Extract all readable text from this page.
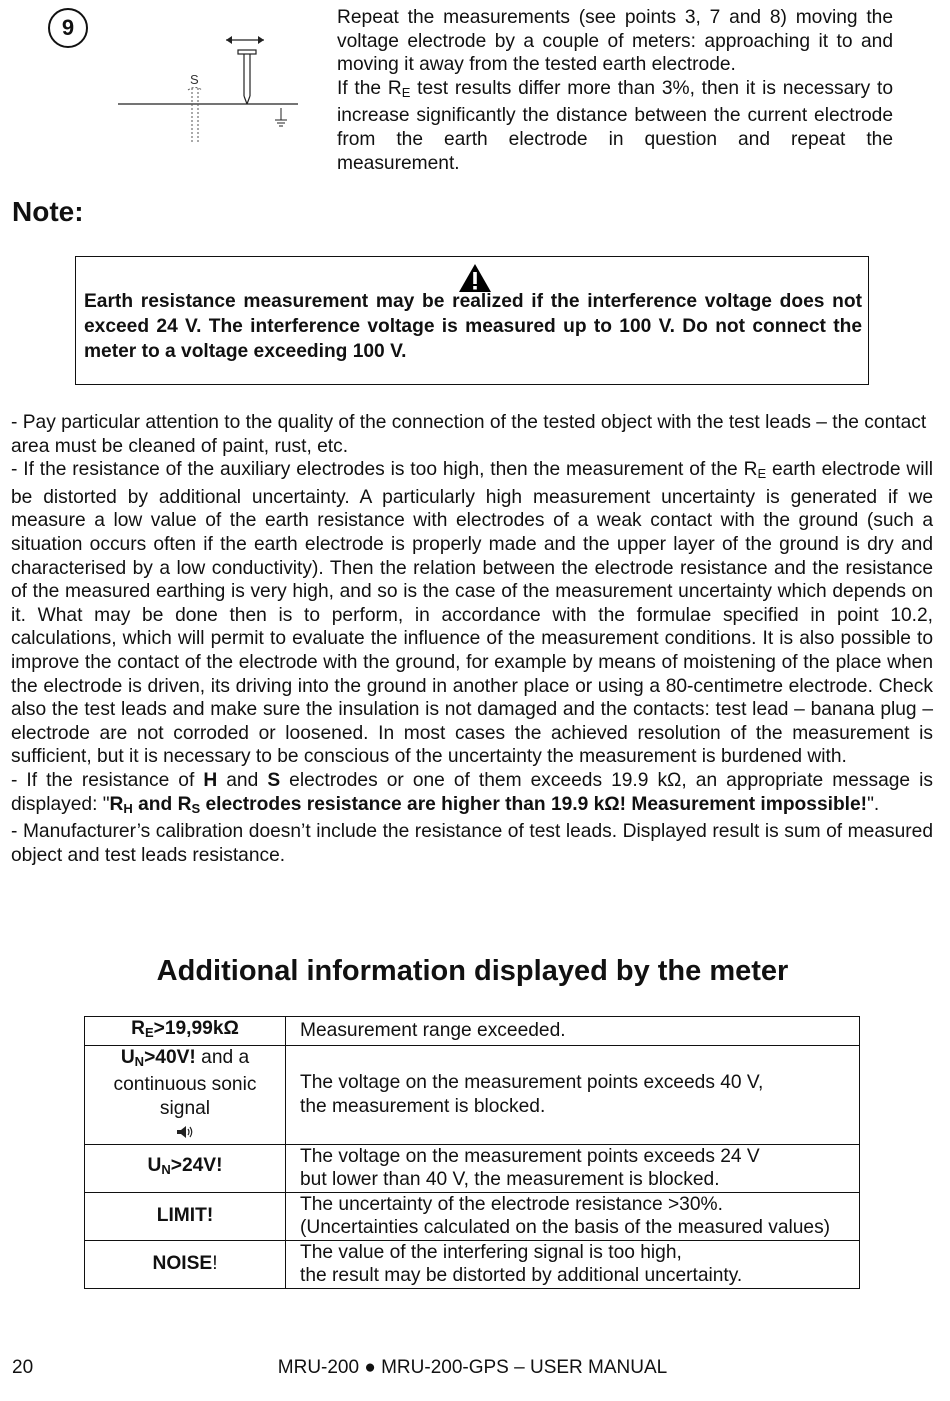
9
S
Repeat the measurements (see points 3, 7 and 8) moving the voltage electrode by a couple of meters: approaching it to and moving it away from the tested earth electrode.
If the $R_E$ test results differ more than 3%, then it is necessary to increase significantly the distance between the current electrode from the earth electrode in question and repeat the measurement.
Note:
Earth resistance measurement may be realized if the interference voltage does not exceed 24 V. The interference voltage is measured up to 100 V. Do not connect the meter to a voltage exceeding 100 V.

- Pay particular attention to the quality of the connection of the tested object with the test leads – the contact area must be cleaned of paint, rust, etc.

- If the resistance of the auxiliary electrodes is too high, then the measurement of the $R_E$ earth electrode will be distorted by additional uncertainty. A particularly high measurement uncertainty is generated if we measure a low value of the earth resistance with electrodes of a weak contact with the ground (such a situation occurs often if the earth electrode is properly made and the upper layer of the ground is dry and characterised by a low conductivity). Then the relation between the electrode resistance and the resistance of the measured earthing is very high, and so is the case of the measurement uncertainty which depends on it. What may be done then is to perform, in accordance with the formulae specified in point 10.2, calculations, which will permit to evaluate the influence of the measurement conditions. It is also possible to improve the contact of the electrode with the ground, for example by means of moistening of the place when the electrode is driven, its driving into the ground in another place or using a 80-centimetre electrode. Check also the test leads and make sure the insulation is not damaged and the contacts: test lead – banana plug – electrode are not corroded or loosened. In most cases the achieved resolution of the measurement is sufficient, but it is necessary to be conscious of the uncertainty the measurement is burdened with.

- If the resistance of H and S electrodes or one of them exceeds 19.9 kΩ, an appropriate message is displayed: "$R_H$ and $R_S$ electrodes resistance are higher than 19.9 kΩ! Measurement impossible!".

- Manufacturer’s calibration doesn’t include the resistance of test leads. Displayed result is sum of measured object and test leads resistance.

Additional information displayed by the meter
$R_E>19,99k\Omega$	Measurement range exceeded.
$U_N>40V$! and a continuous sonic signal	The voltage on the measurement points exceeds 40 V,
the measurement is blocked.
$U_N>24V$!	The voltage on the measurement points exceeds 24 V
but lower than 40 V, the measurement is blocked.
LIMIT!	The uncertainty of the electrode resistance >30%. (Uncertainties calculated on the basis of the measured values)
NOISE!	The value of the interfering signal is too high,
the result may be distorted by additional uncertainty.
20	MRU-200 ● MRU-200-GPS – USER MANUAL
